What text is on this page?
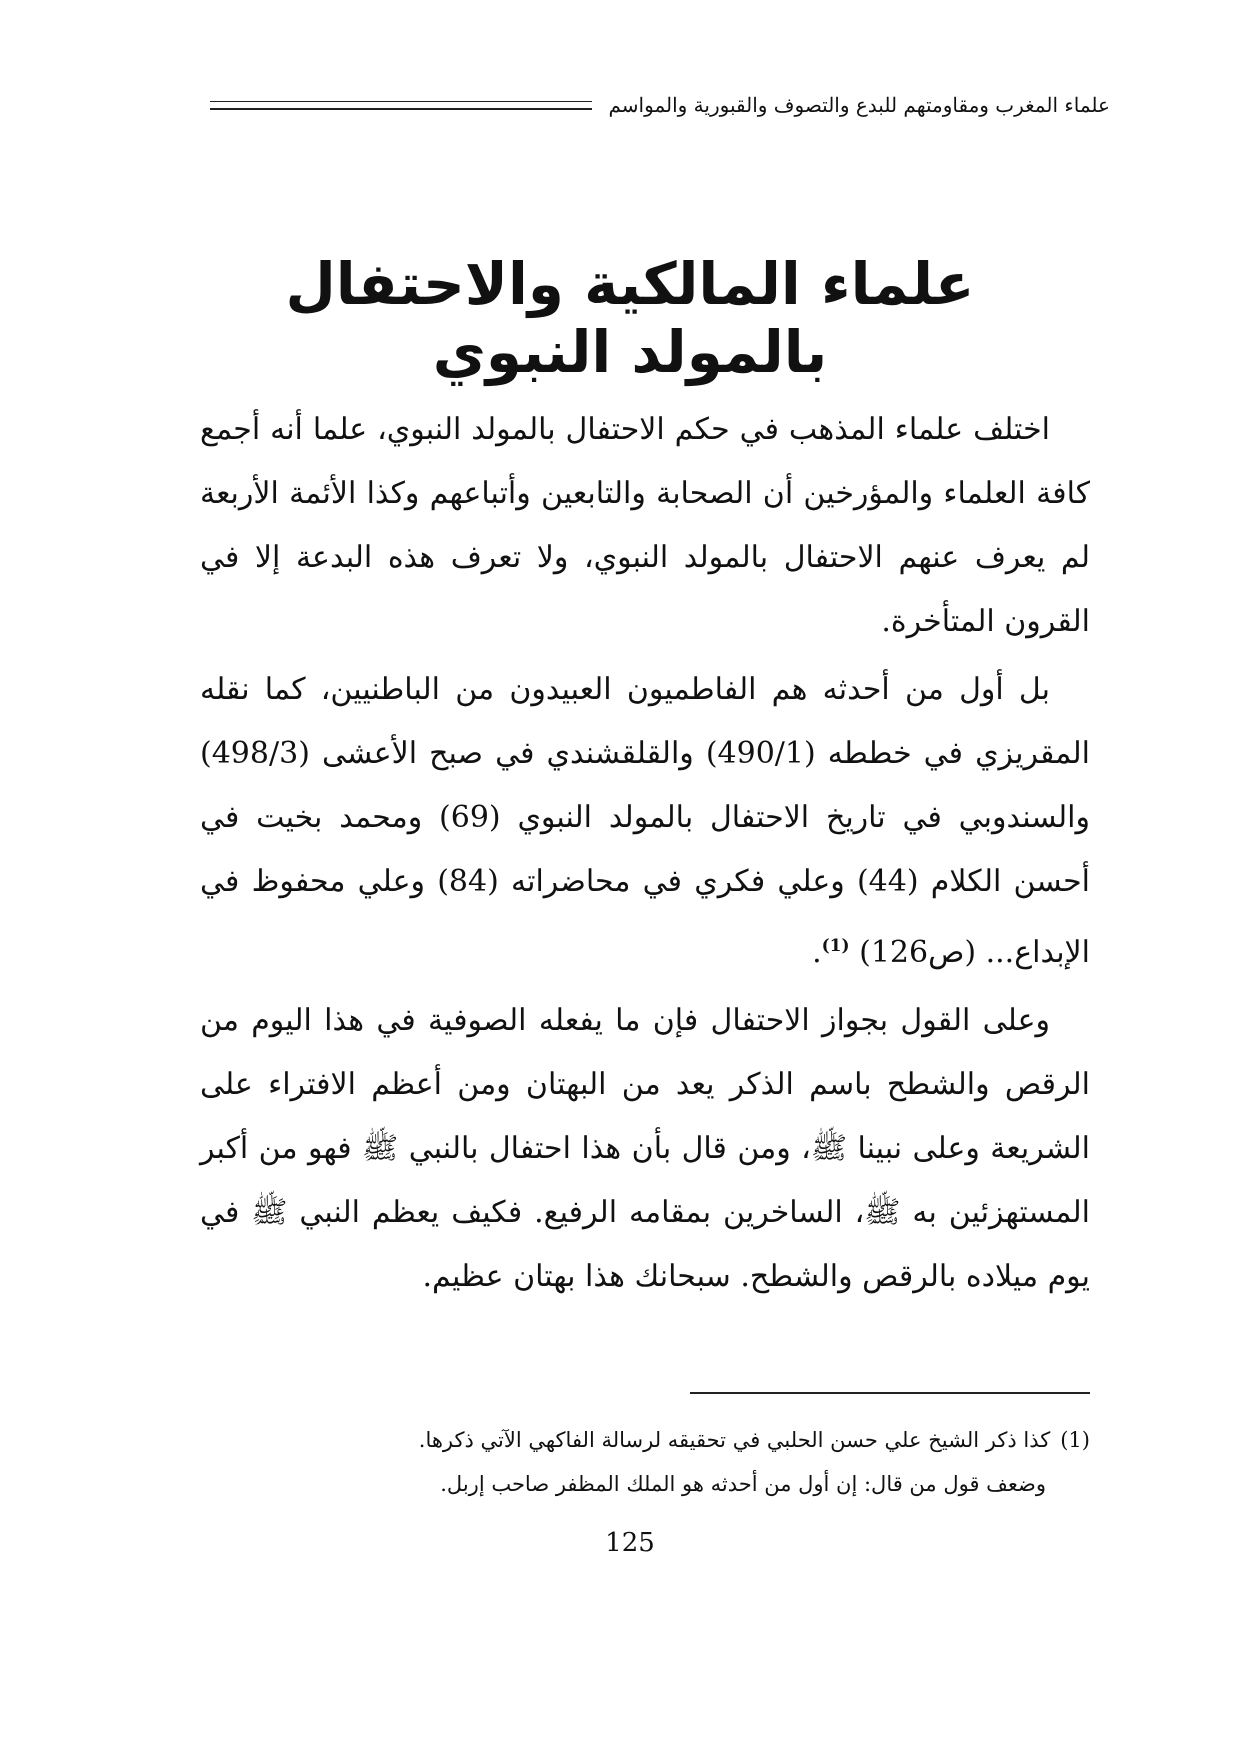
علماء المغرب ومقاومتهم للبدع والتصوف والقبورية والمواسم
علماء المالكية والاحتفال بالمولد النبوي

اختلف علماء المذهب في حكم الاحتفال بالمولد النبوي، علما أنه أجمع كافة العلماء والمؤرخين أن الصحابة والتابعين وأتباعهم وكذا الأئمة الأربعة لم يعرف عنهم الاحتفال بالمولد النبوي، ولا تعرف هذه البدعة إلا في القرون المتأخرة.

بل أول من أحدثه هم الفاطميون العبيدون من الباطنيين، كما نقله المقريزي في خططه (490/1) والقلقشندي في صبح الأعشى (498/3) والسندوبي في تاريخ الاحتفال بالمولد النبوي (69) ومحمد بخيت في أحسن الكلام (44) وعلي فكري في محاضراته (84) وعلي محفوظ في الإبداع... (ص126) $^{(1)}$.

وعلى القول بجواز الاحتفال فإن ما يفعله الصوفية في هذا اليوم من الرقص والشطح باسم الذكر يعد من البهتان ومن أعظم الافتراء على الشريعة وعلى نبينا ﷺ، ومن قال بأن هذا احتفال بالنبي ﷺ فهو من أكبر المستهزئين به ﷺ، الساخرين بمقامه الرفيع. فكيف يعظم النبي ﷺ في يوم ميلاده بالرقص والشطح. سبحانك هذا بهتان عظيم.

(1)كذا ذكر الشيخ علي حسن الحلبي في تحقيقه لرسالة الفاكهي الآتي ذكرها.
وضعف قول من قال: إن أول من أحدثه هو الملك المظفر صاحب إربل.
125
